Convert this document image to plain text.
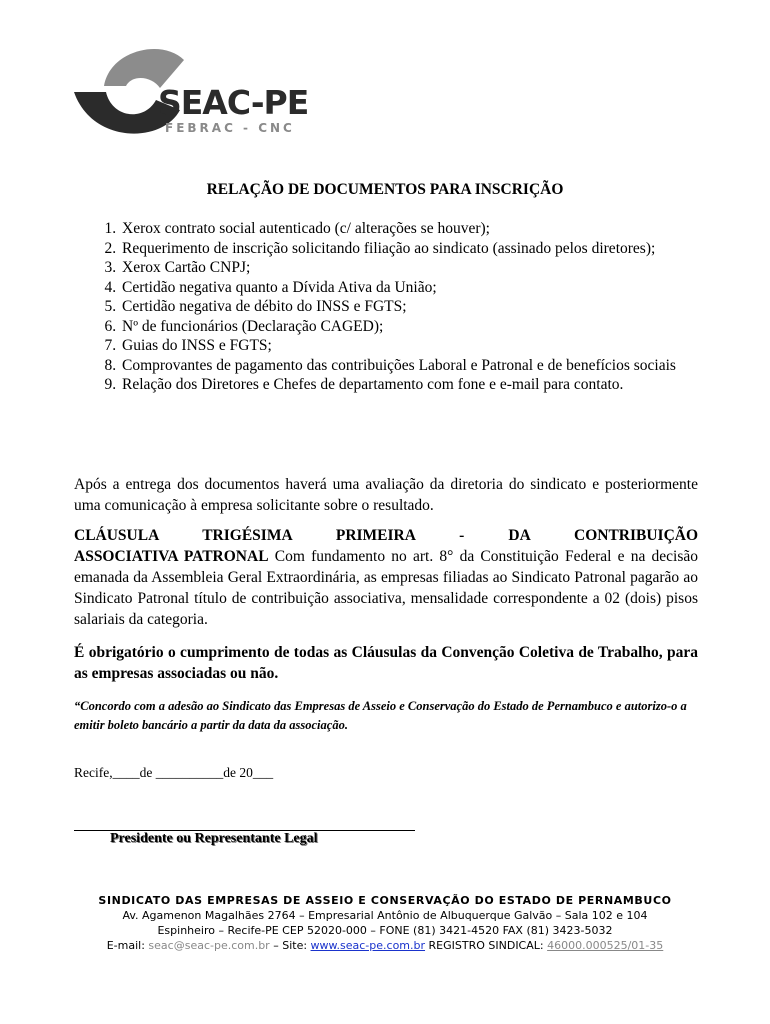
SEAC-PE
FEBRAC - CNC
RELAÇÃO DE DOCUMENTOS PARA INSCRIÇÃO
1. Xerox contrato social autenticado (c/ alterações se houver);
2. Requerimento de inscrição solicitando filiação ao sindicato (assinado pelos diretores);
3. Xerox Cartão CNPJ;
4. Certidão negativa quanto a Dívida Ativa da União;
5. Certidão negativa de débito do INSS e FGTS;
6. Nº de funcionários (Declaração CAGED);
7. Guias do INSS e FGTS;
8. Comprovantes de pagamento das contribuições Laboral e Patronal e de benefícios sociais
9. Relação dos Diretores e Chefes de departamento com fone e e-mail para contato.

Após a entrega dos documentos haverá uma avaliação da diretoria do sindicato e posteriormente uma comunicação à empresa solicitante sobre o resultado.

CLÁUSULA	TRIGÉSIMA	PRIMEIRA	-	DA	CONTRIBUIÇÃO
ASSOCIATIVA PATRONAL Com fundamento no art. 8° da Constituição Federal e na decisão emanada da Assembleia Geral Extraordinária, as empresas filiadas ao Sindicato Patronal pagarão ao Sindicato Patronal título de contribuição associativa, mensalidade correspondente a 02 (dois) pisos salariais da categoria.

É obrigatório o cumprimento de todas as Cláusulas da Convenção Coletiva de Trabalho, para as empresas associadas ou não.

“Concordo com a adesão ao Sindicato das Empresas de Asseio e Conservação do Estado de Pernambuco e autorizo-o a emitir boleto bancário a partir da data da associação.

Recife,____de __________de 20___
Presidente ou Representante Legal
SINDICATO DAS EMPRESAS DE ASSEIO E CONSERVAÇÃO DO ESTADO DE PERNAMBUCO
Av. Agamenon Magalhães 2764 – Empresarial Antônio de Albuquerque Galvão – Sala 102 e 104
Espinheiro – Recife-PE CEP 52020-000 – FONE (81) 3421-4520 FAX (81) 3423-5032
E-mail: seac@seac-pe.com.br – Site: www.seac-pe.com.br REGISTRO SINDICAL: 46000.000525/01-35
